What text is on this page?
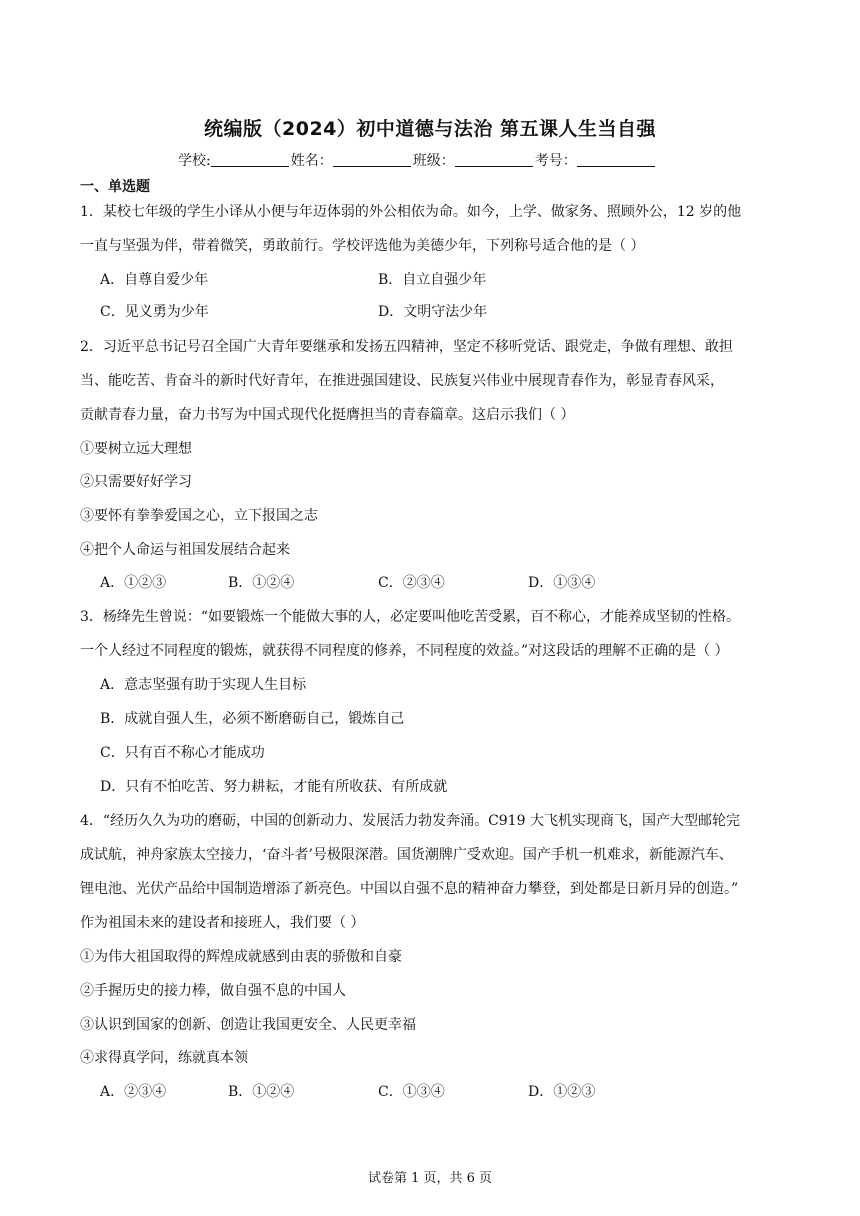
统编版（2024）初中道德与法治 第五课人生当自强
学校:	姓名：	班级：	考号：
一、单选题
1．某校七年级的学生小译从小便与年迈体弱的外公相依为命。如今，上学、做家务、照顾外公，12 岁的他
一直与坚强为伴，带着微笑，勇敢前行。学校评选他为美德少年，下列称号适合他的是（ ）
A．自尊自爱少年	B．自立自强少年
C．见义勇为少年	D．文明守法少年
2．习近平总书记号召全国广大青年要继承和发扬五四精神，坚定不移听党话、跟党走，争做有理想、敢担
当、能吃苦、肯奋斗的新时代好青年，在推进强国建设、民族复兴伟业中展现青春作为，彰显青春风采，
贡献青春力量，奋力书写为中国式现代化挺膺担当的青春篇章。这启示我们（ ）
①要树立远大理想
②只需要好好学习
③要怀有拳拳爱国之心，立下报国之志
④把个人命运与祖国发展结合起来
A．①②③	B．①②④	C．②③④	D．①③④
3．杨绛先生曾说：“如要锻炼一个能做大事的人，必定要叫他吃苦受累，百不称心，才能养成坚韧的性格。
一个人经过不同程度的锻炼，就获得不同程度的修养，不同程度的效益。”对这段话的理解不正确的是（ ）
A．意志坚强有助于实现人生目标
B．成就自强人生，必须不断磨砺自己，锻炼自己
C．只有百不称心才能成功
D．只有不怕吃苦、努力耕耘，才能有所收获、有所成就
4．“经历久久为功的磨砺，中国的创新动力、发展活力勃发奔涌。C919 大飞机实现商飞，国产大型邮轮完
成试航，神舟家族太空接力，‘奋斗者’号极限深潜。国货潮牌广受欢迎。国产手机一机难求，新能源汽车、
锂电池、光伏产品给中国制造增添了新亮色。中国以自强不息的精神奋力攀登，到处都是日新月异的创造。”
作为祖国未来的建设者和接班人，我们要（ ）
①为伟大祖国取得的辉煌成就感到由衷的骄傲和自豪
②手握历史的接力棒，做自强不息的中国人
③认识到国家的创新、创造让我国更安全、人民更幸福
④求得真学问，练就真本领
A．②③④	B．①②④	C．①③④	D．①②③
试卷第 1 页，共 6 页
